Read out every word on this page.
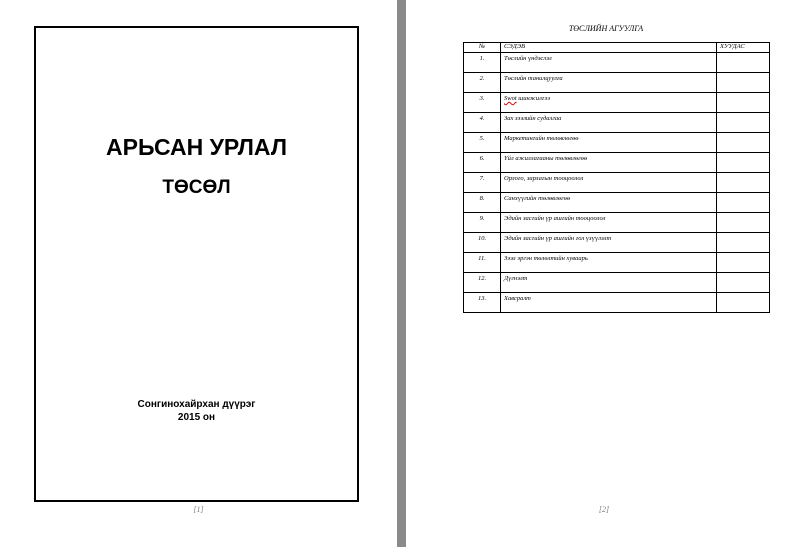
АРЬСАН УРЛАЛ
ТӨСӨЛ
Сонгинохайрхан дүүрэг
2015 он
[1]
ТӨСЛИЙН АГУУЛГА
№	СЭДЭВ	ХУУДАС
1.	Төслийн үндэслэл	
2.	Төслийн танилцуулга	
3.	Swot шинжилгээ	
4.	Зах зээлийн судалгаа	
5.	Маркетингийн төлөвлөгөө	
6.	Үйл ажиллагааны төлөвлөгөө	
7.	Орлого, зарлагын тооцоолол	
8.	Санхүүгийн төлөвлөгөө	
9.	Эдийн засгийн үр ашгийн тооцоолол	
10.	Эдийн засгийн үр ашгийн гол үзүүлэлт	
11.	Зээл эргэн төлөлтийн хуваарь	
12.	Дүгнэлт	
13.	Хавсралт	
[2]
